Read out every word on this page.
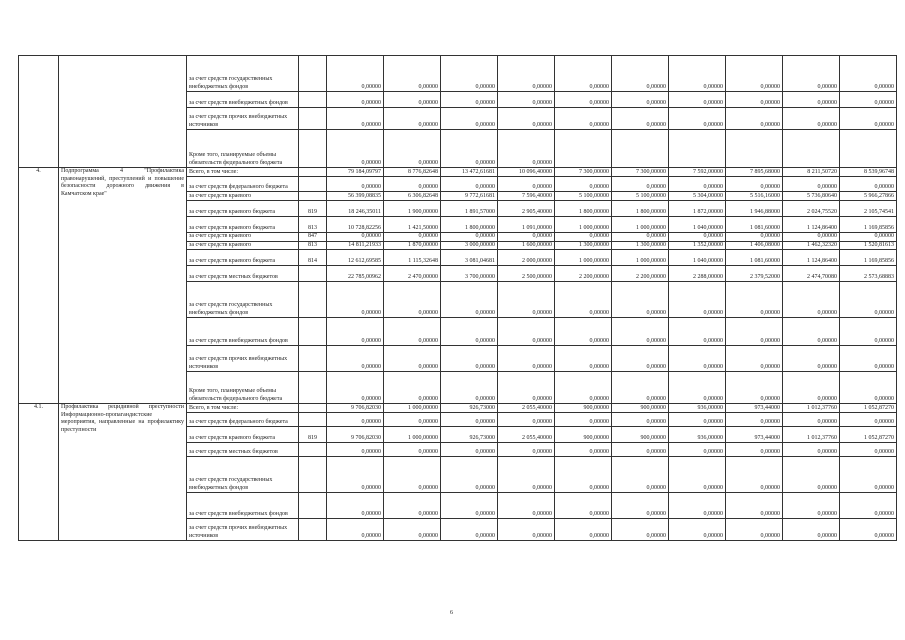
		за счет средств государственных внебюджетных фондов		0,00000	0,00000	0,00000	0,00000	0,00000	0,00000	0,00000	0,00000	0,00000	0,00000
		за счет средств внебюджетных фондов		0,00000	0,00000	0,00000	0,00000	0,00000	0,00000	0,00000	0,00000	0,00000	0,00000
		за счет средств прочих внебюджетных источников		0,00000	0,00000	0,00000	0,00000	0,00000	0,00000	0,00000	0,00000	0,00000	0,00000
		Кроме того, планируемые объемы обязательств федерального бюджета		0,00000	0,00000	0,00000	0,00000						
4.	Подпрограмма 4 "Профилактика правонарушений, преступлений и повышение безопасности дорожного движения в Камчатском крае"	Всего, в том числе:		79 184,09797	8 776,82648	13 472,61681	10 096,40000	7 300,00000	7 300,00000	7 592,00000	7 895,68000	8 211,50720	8 539,96748
		за счет средств федерального бюджета		0,00000	0,00000	0,00000	0,00000	0,00000	0,00000	0,00000	0,00000	0,00000	0,00000
		за счет средств краевого		56 399,08835	6 306,82648	9 772,61681	7 596,40000	5 100,00000	5 100,00000	5 304,00000	5 516,16000	5 736,80640	5 966,27866
		за счет средств краевого бюджета	819	18 246,35011	1 900,00000	1 891,57000	2 905,40000	1 800,00000	1 800,00000	1 872,00000	1 946,88000	2 024,75520	2 105,74541
		за счет средств краевого бюджета	813	10 728,82256	1 421,50000	1 800,00000	1 091,00000	1 000,00000	1 000,00000	1 040,00000	1 081,60000	1 124,86400	1 169,85856
		за счет средств краевого	847	0,00000	0,00000	0,00000	0,00000	0,00000	0,00000	0,00000	0,00000	0,00000	0,00000
		за счет средств краевого	813	14 811,21933	1 870,00000	3 000,00000	1 600,00000	1 300,00000	1 300,00000	1 352,00000	1 406,08000	1 462,32320	1 520,81613
		за счет средств краевого бюджета	814	12 612,69585	1 115,32648	3 081,04681	2 000,00000	1 000,00000	1 000,00000	1 040,00000	1 081,60000	1 124,86400	1 169,85856
		за счет средств местных бюджетов		22 785,00962	2 470,00000	3 700,00000	2 500,00000	2 200,00000	2 200,00000	2 288,00000	2 379,52000	2 474,70080	2 573,68883
		за счет средств государственных внебюджетных фондов		0,00000	0,00000	0,00000	0,00000	0,00000	0,00000	0,00000	0,00000	0,00000	0,00000
		за счет средств внебюджетных фондов		0,00000	0,00000	0,00000	0,00000	0,00000	0,00000	0,00000	0,00000	0,00000	0,00000
		за счет средств прочих внебюджетных источников		0,00000	0,00000	0,00000	0,00000	0,00000	0,00000	0,00000	0,00000	0,00000	0,00000
		Кроме того, планируемые объемы обязательств федерального бюджета		0,00000	0,00000	0,00000	0,00000	0,00000	0,00000	0,00000	0,00000	0,00000	0,00000
4.1.	Профилактика рецидивной преступности Информационно-пропагандистские мероприятия, направленные на профилактику преступности	Всего, в том числе:		9 706,82030	1 000,00000	926,73000	2 055,40000	900,00000	900,00000	936,00000	973,44000	1 012,37760	1 052,87270
		за счет средств федерального бюджета		0,00000	0,00000	0,00000	0,00000	0,00000	0,00000	0,00000	0,00000	0,00000	0,00000
		за счет средств краевого бюджета	819	9 706,82030	1 000,00000	926,73000	2 055,40000	900,00000	900,00000	936,00000	973,44000	1 012,37760	1 052,87270
		за счет средств местных бюджетов		0,00000	0,00000	0,00000	0,00000	0,00000	0,00000	0,00000	0,00000	0,00000	0,00000
		за счет средств государственных внебюджетных фондов		0,00000	0,00000	0,00000	0,00000	0,00000	0,00000	0,00000	0,00000	0,00000	0,00000
		за счет средств внебюджетных фондов		0,00000	0,00000	0,00000	0,00000	0,00000	0,00000	0,00000	0,00000	0,00000	0,00000
		за счет средств прочих внебюджетных источников		0,00000	0,00000	0,00000	0,00000	0,00000	0,00000	0,00000	0,00000	0,00000	0,00000
6
